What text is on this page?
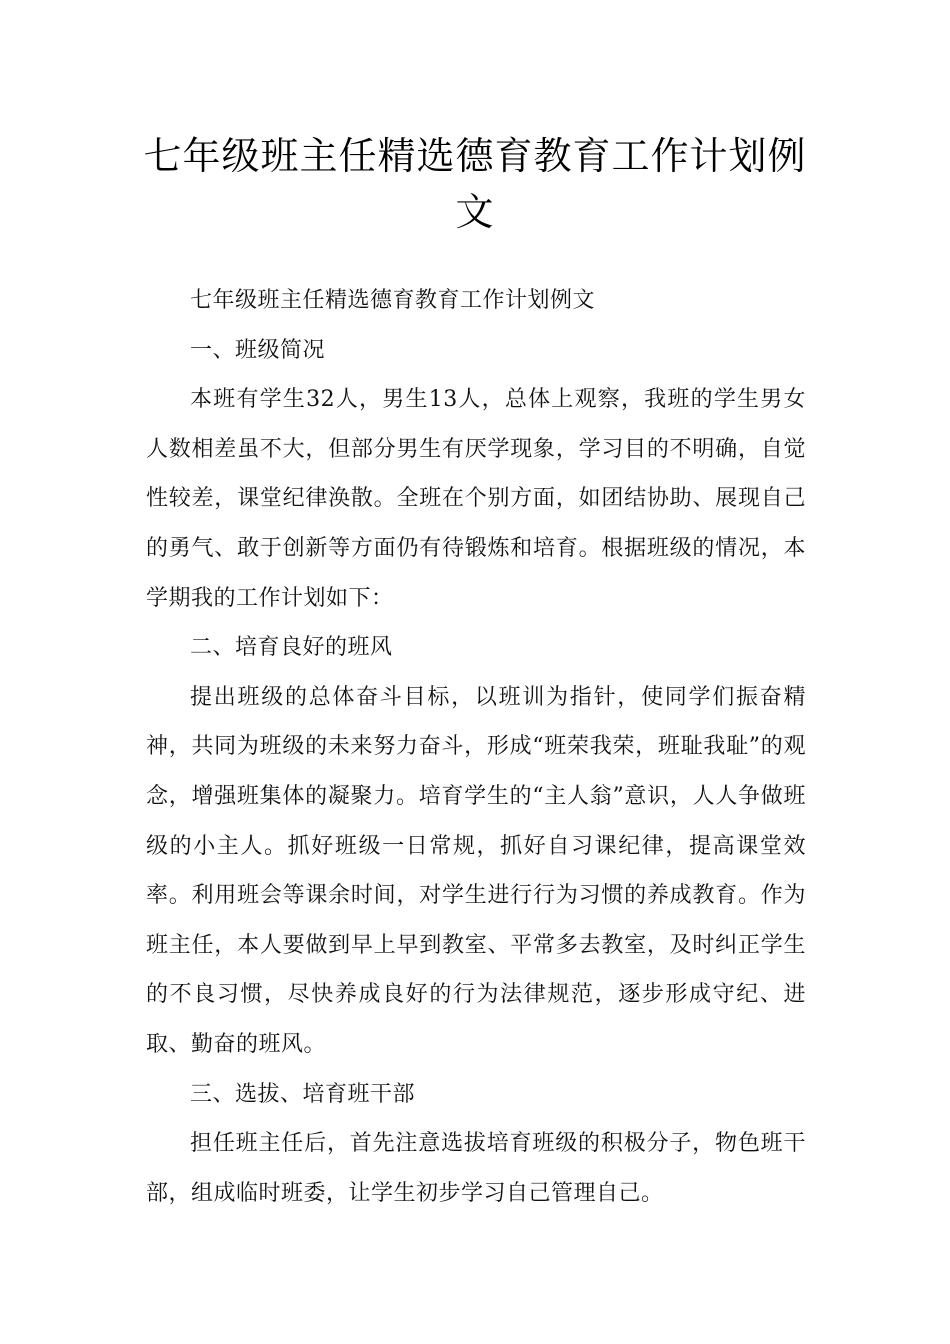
七年级班主任精选德育教育工作计划例文

七年级班主任精选德育教育工作计划例文

一、班级简况

本班有学生32人，男生13人，总体上观察，我班的学生男女人数相差虽不大，但部分男生有厌学现象，学习目的不明确，自觉性较差，课堂纪律涣散。全班在个别方面，如团结协助、展现自己的勇气、敢于创新等方面仍有待锻炼和培育。根据班级的情况，本学期我的工作计划如下：

二、培育良好的班风

提出班级的总体奋斗目标，以班训为指针，使同学们振奋精神，共同为班级的未来努力奋斗，形成“班荣我荣，班耻我耻”的观念，增强班集体的凝聚力。培育学生的“主人翁”意识，人人争做班级的小主人。抓好班级一日常规，抓好自习课纪律，提高课堂效率。利用班会等课余时间，对学生进行行为习惯的养成教育。作为班主任，本人要做到早上早到教室、平常多去教室，及时纠正学生的不良习惯，尽快养成良好的行为法律规范，逐步形成守纪、进取、勤奋的班风。

三、选拔、培育班干部

担任班主任后，首先注意选拔培育班级的积极分子，物色班干部，组成临时班委，让学生初步学习自己管理自己。
